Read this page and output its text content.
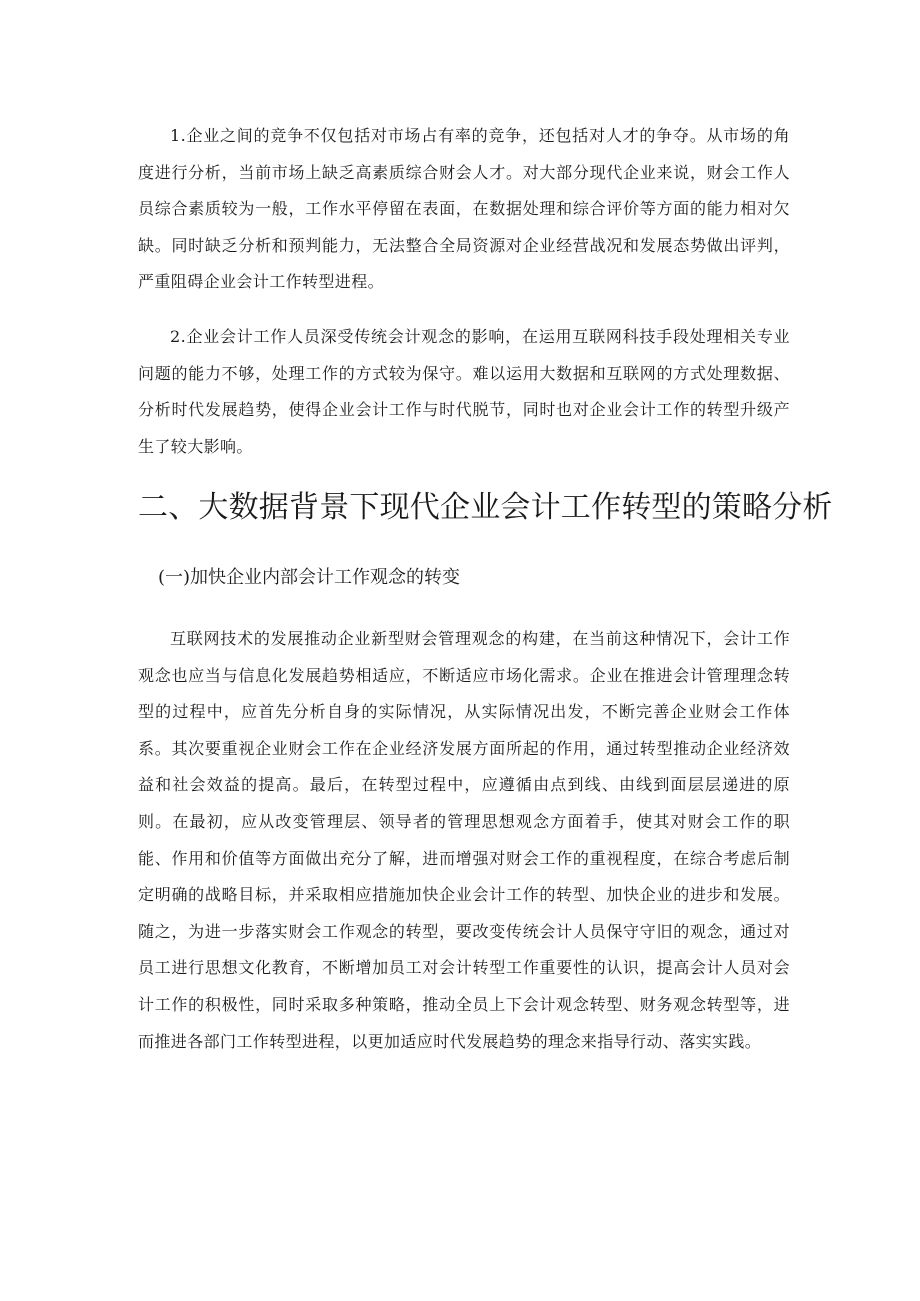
1.企业之间的竞争不仅包括对市场占有率的竞争，还包括对人才的争夺。从市场的角度进行分析，当前市场上缺乏高素质综合财会人才。对大部分现代企业来说，财会工作人员综合素质较为一般，工作水平停留在表面，在数据处理和综合评价等方面的能力相对欠缺。同时缺乏分析和预判能力，无法整合全局资源对企业经营战况和发展态势做出评判，严重阻碍企业会计工作转型进程。

2.企业会计工作人员深受传统会计观念的影响，在运用互联网科技手段处理相关专业问题的能力不够，处理工作的方式较为保守。难以运用大数据和互联网的方式处理数据、分析时代发展趋势，使得企业会计工作与时代脱节，同时也对企业会计工作的转型升级产生了较大影响。

二、大数据背景下现代企业会计工作转型的策略分析
(一)加快企业内部会计工作观念的转变

互联网技术的发展推动企业新型财会管理观念的构建，在当前这种情况下，会计工作观念也应当与信息化发展趋势相适应，不断适应市场化需求。企业在推进会计管理理念转型的过程中，应首先分析自身的实际情况，从实际情况出发，不断完善企业财会工作体系。其次要重视企业财会工作在企业经济发展方面所起的作用，通过转型推动企业经济效益和社会效益的提高。最后，在转型过程中，应遵循由点到线、由线到面层层递进的原则。在最初，应从改变管理层、领导者的管理思想观念方面着手，使其对财会工作的职能、作用和价值等方面做出充分了解，进而增强对财会工作的重视程度，在综合考虑后制定明确的战略目标，并采取相应措施加快企业会计工作的转型、加快企业的进步和发展。随之，为进一步落实财会工作观念的转型，要改变传统会计人员保守守旧的观念，通过对员工进行思想文化教育，不断增加员工对会计转型工作重要性的认识，提高会计人员对会计工作的积极性，同时采取多种策略，推动全员上下会计观念转型、财务观念转型等，进而推进各部门工作转型进程，以更加适应时代发展趋势的理念来指导行动、落实实践。
